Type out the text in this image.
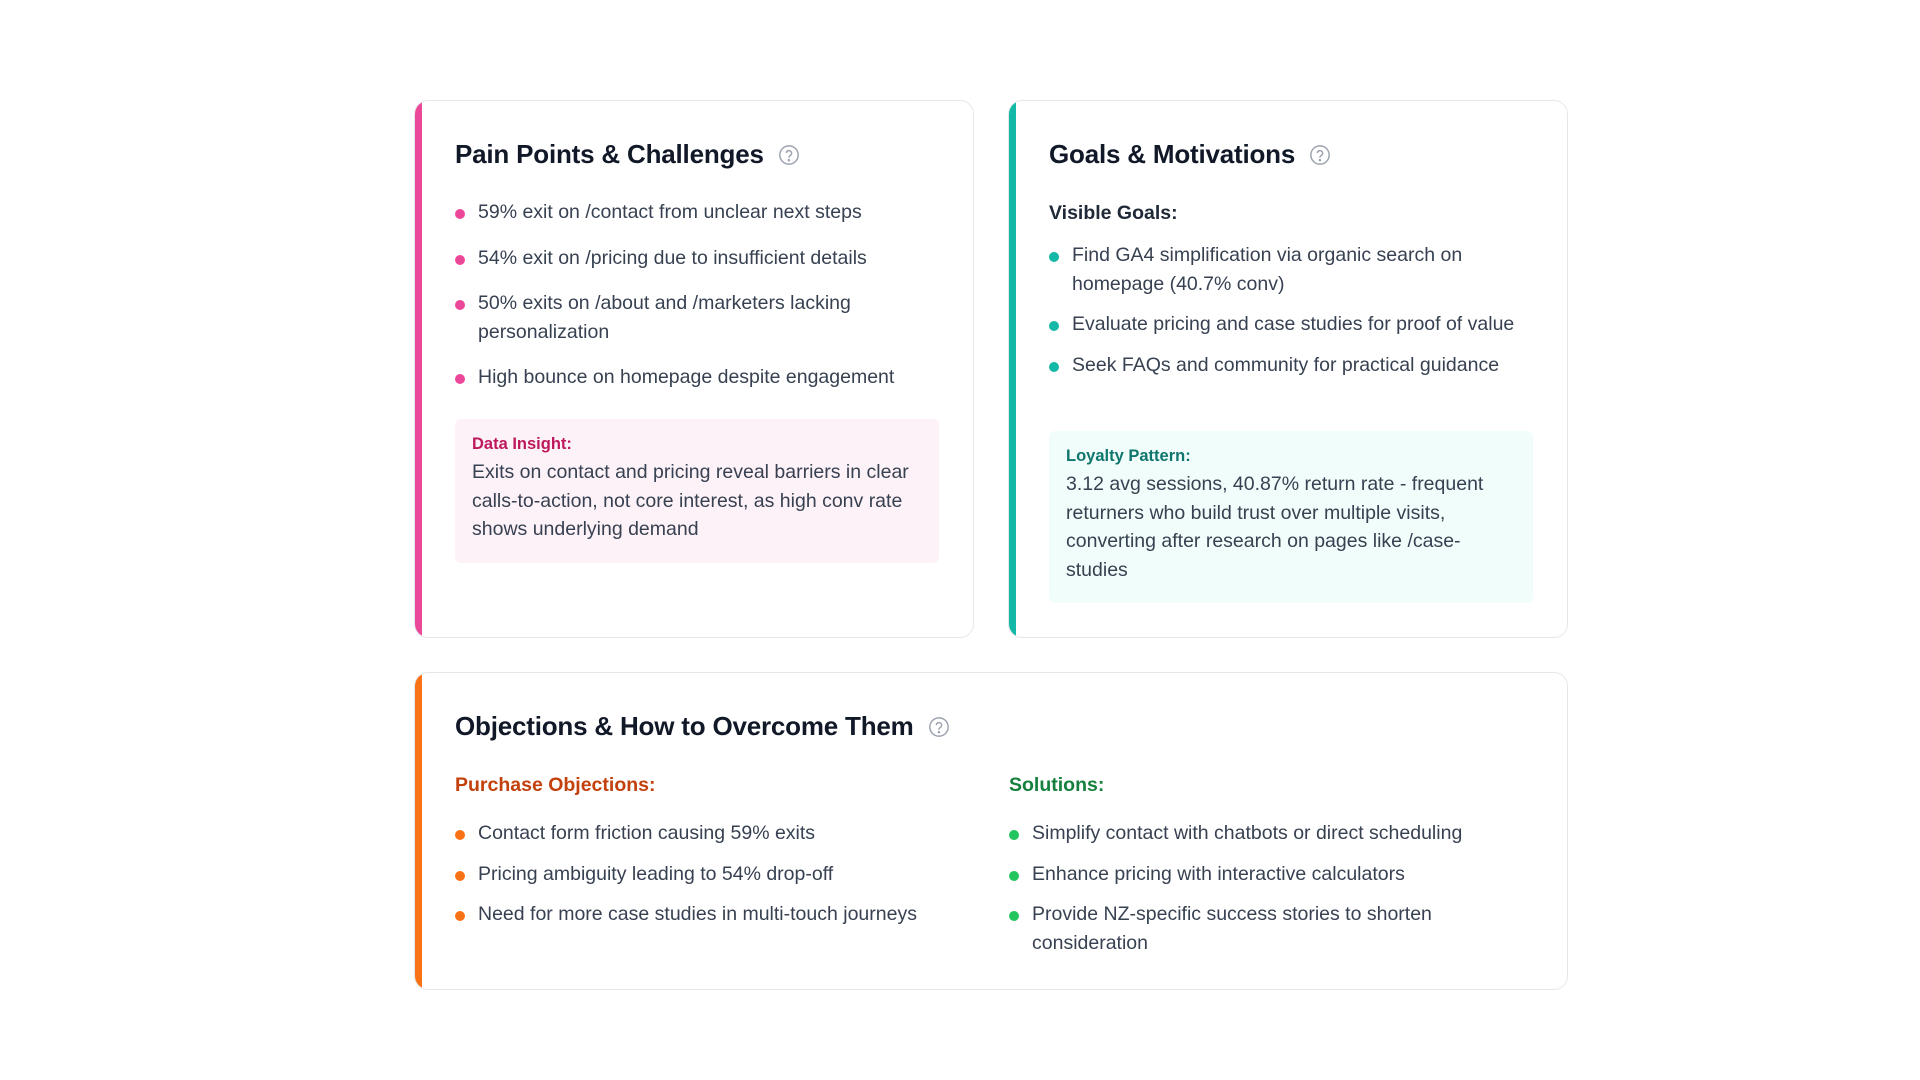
Pain Points & Challenges
59% exit on /contact from unclear next steps
54% exit on /pricing due to insufficient details
50% exits on /about and /marketers lacking personalization
High bounce on homepage despite engagement
Data Insight:
Exits on contact and pricing reveal barriers in clear calls-to-action, not core interest, as high conv rate shows underlying demand
Goals & Motivations
Visible Goals:
Find GA4 simplification via organic search on homepage (40.7% conv)
Evaluate pricing and case studies for proof of value
Seek FAQs and community for practical guidance
Loyalty Pattern:
3.12 avg sessions, 40.87% return rate - frequent returners who build trust over multiple visits, converting after research on pages like /case-studies
Objections & How to Overcome Them
Purchase Objections:
Contact form friction causing 59% exits
Pricing ambiguity leading to 54% drop-off
Need for more case studies in multi-touch journeys
Solutions:
Simplify contact with chatbots or direct scheduling
Enhance pricing with interactive calculators
Provide NZ-specific success stories to shorten consideration
